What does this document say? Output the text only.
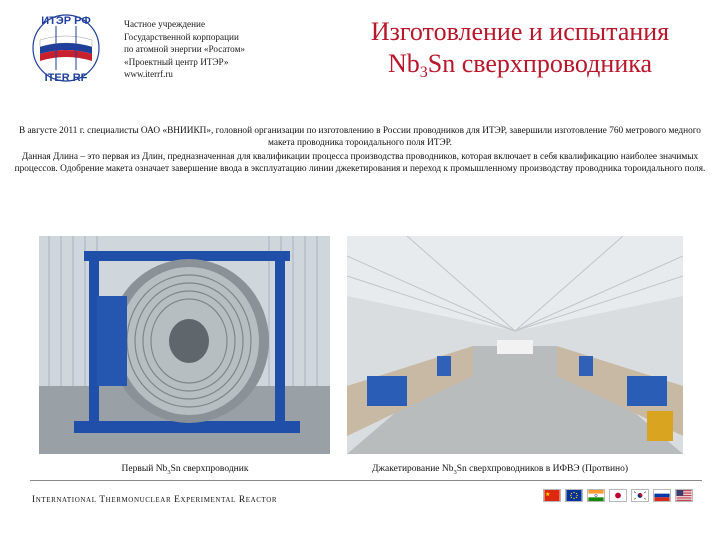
ИТЭР РФ
ITER RF
Частное учреждение
Государственной корпорации
по атомной энергии «Росатом»
«Проектный центр ИТЭР»
www.iterrf.ru
Изготовление и испытания
$Nb_3Sn$ сверхпроводника

В августе 2011 г. специалисты ОАО «ВНИИКП», головной организации по изготовлению в России проводников для ИТЭР, завершили изготовление 760 метрового медного макета проводника тороидального поля ИТЭР.

Данная Длина – это первая из Длин, предназначенная для квалификации процесса производства проводников, которая включает в себя квалификацию наиболее значимых процессов. Одобрение макета означает завершение ввода в эксплуатацию линии джекетирования и переход к промышленному производству проводника тороидального поля.

Первый $Nb_3Sn$ сверхпроводник	Джакетирование $Nb_3Sn$ сверхпроводников в ИФВЭ (Протвино)
International Thermonuclear Experimental Reactor
